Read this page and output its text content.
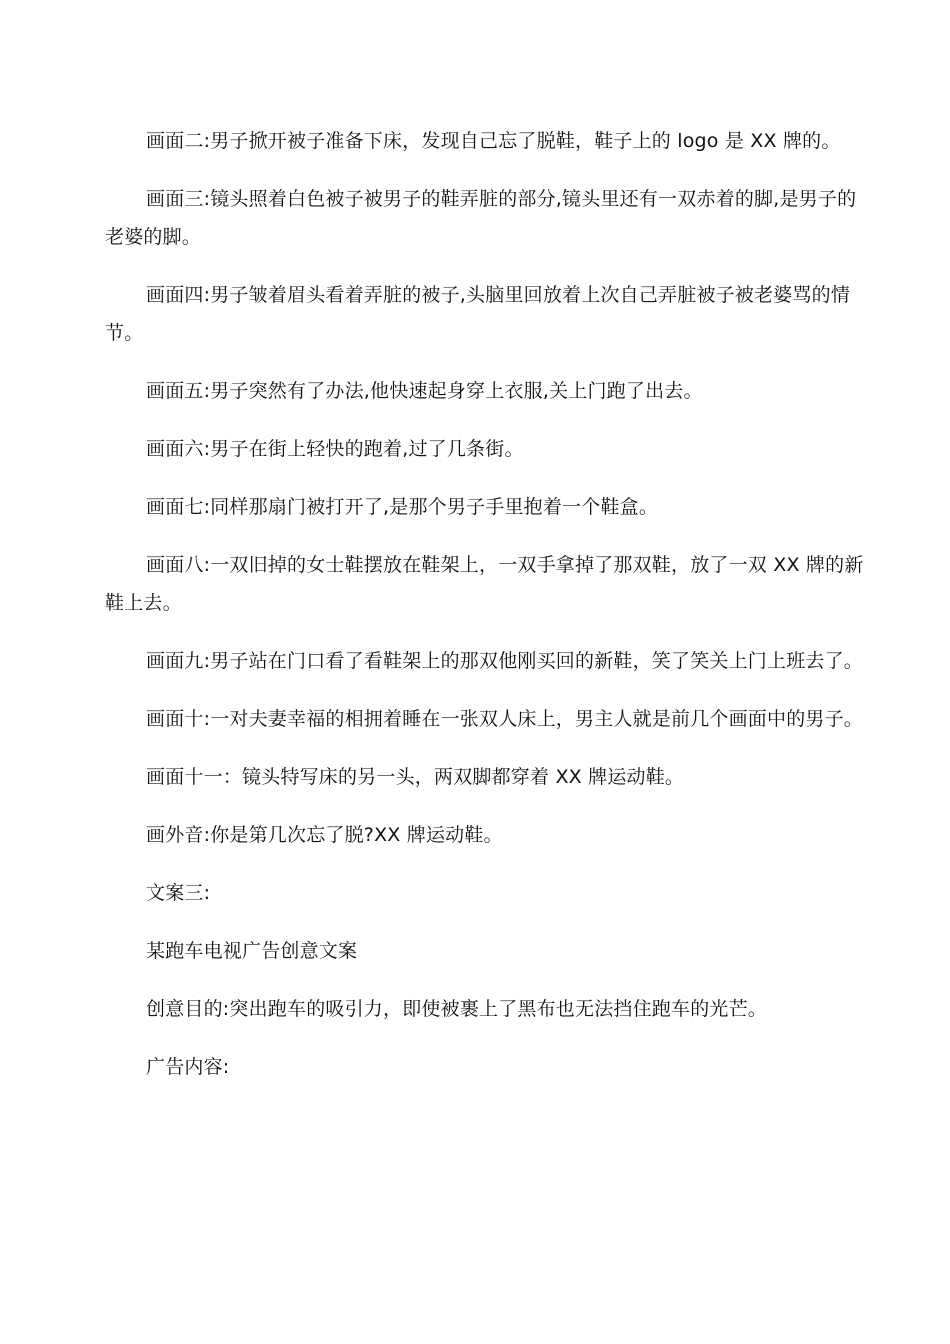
画面二:男子掀开被子准备下床，发现自己忘了脱鞋，鞋子上的 logo 是 XX 牌的。

画面三:镜头照着白色被子被男子的鞋弄脏的部分,镜头里还有一双赤着的脚,是男子的老婆的脚。

画面四:男子皱着眉头看着弄脏的被子,头脑里回放着上次自己弄脏被子被老婆骂的情节。

画面五:男子突然有了办法,他快速起身穿上衣服,关上门跑了出去。

画面六:男子在街上轻快的跑着,过了几条街。

画面七:同样那扇门被打开了,是那个男子手里抱着一个鞋盒。

画面八:一双旧掉的女士鞋摆放在鞋架上，一双手拿掉了那双鞋，放了一双 XX 牌的新鞋上去。

画面九:男子站在门口看了看鞋架上的那双他刚买回的新鞋，笑了笑关上门上班去了。

画面十:一对夫妻幸福的相拥着睡在一张双人床上，男主人就是前几个画面中的男子。

画面十一：镜头特写床的另一头，两双脚都穿着 XX 牌运动鞋。

画外音:你是第几次忘了脱?XX 牌运动鞋。

文案三:

某跑车电视广告创意文案

创意目的:突出跑车的吸引力，即使被裹上了黑布也无法挡住跑车的光芒。

广告内容:
